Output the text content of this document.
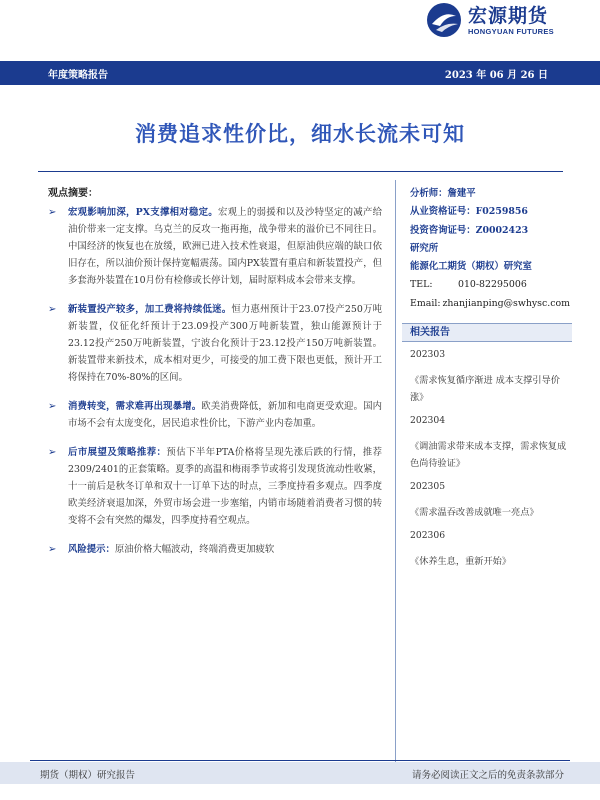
宏源期货
HONGYUAN FUTURES
年度策略报告	2023 年 06 月 26 日
消费追求性价比，细水长流未可知
观点摘要：
➢ 宏观影响加深，PX支撑相对稳定。宏观上的弱援和以及沙特坚定的减产给油价带来一定支撑。乌克兰的反攻一拖再拖，战争带来的溢价已不同往日。中国经济的恢复也在放缓，欧洲已进入技术性衰退，但原油供应端的缺口依旧存在，所以油价预计保持宽幅震荡。国内PX装置有重启和新装置投产，但多套海外装置在10月份有检修或长停计划，届时原料成本会带来支撑。
➢ 新装置投产较多，加工费将持续低迷。恒力惠州预计于23.07投产250万吨新装置，仪征化纤预计于23.09投产300万吨新装置，独山能源预计于23.12投产250万吨新装置，宁波台化预计于23.12投产150万吨新装置。新装置带来新技术，成本相对更少，可接受的加工费下限也更低，预计开工将保持在70%-80%的区间。
➢ 消费转变，需求难再出现暴增。欧美消费降低，新加和电商更受欢迎。国内市场不会有太庞变化，居民追求性价比，下游产业内卷加重。
➢ 后市展望及策略推荐：预估下半年PTA价格将呈现先涨后跌的行情，推荐2309/2401的正套策略。夏季的高温和梅雨季节或将引发现货流动性收紧，十一前后是秋冬订单和双十一订单下达的时点，三季度持看多观点。四季度欧美经济衰退加深，外贸市场会进一步塞缩，内销市场随着消费者习惯的转变将不会有突然的爆发，四季度持看空观点。
➢ 风险提示：原油价格大幅波动，终端消费更加疲软
分析师：詹建平
从业资格证号：F0259856
投资咨询证号：Z0002423
研究所
能源化工期货（期权）研究室
TEL:	010-82295006
Email: zhanjianping@swhysc.com
相关报告
202303
《需求恢复循序渐进 成本支撑引导价涨》
202304
《调油需求带来成本支撑，需求恢复成色尚待验证》
202305
《需求温吞改善成就唯一亮点》
202306
《休养生息，重新开始》
期货（期权）研究报告	请务必阅读正文之后的免责条款部分
